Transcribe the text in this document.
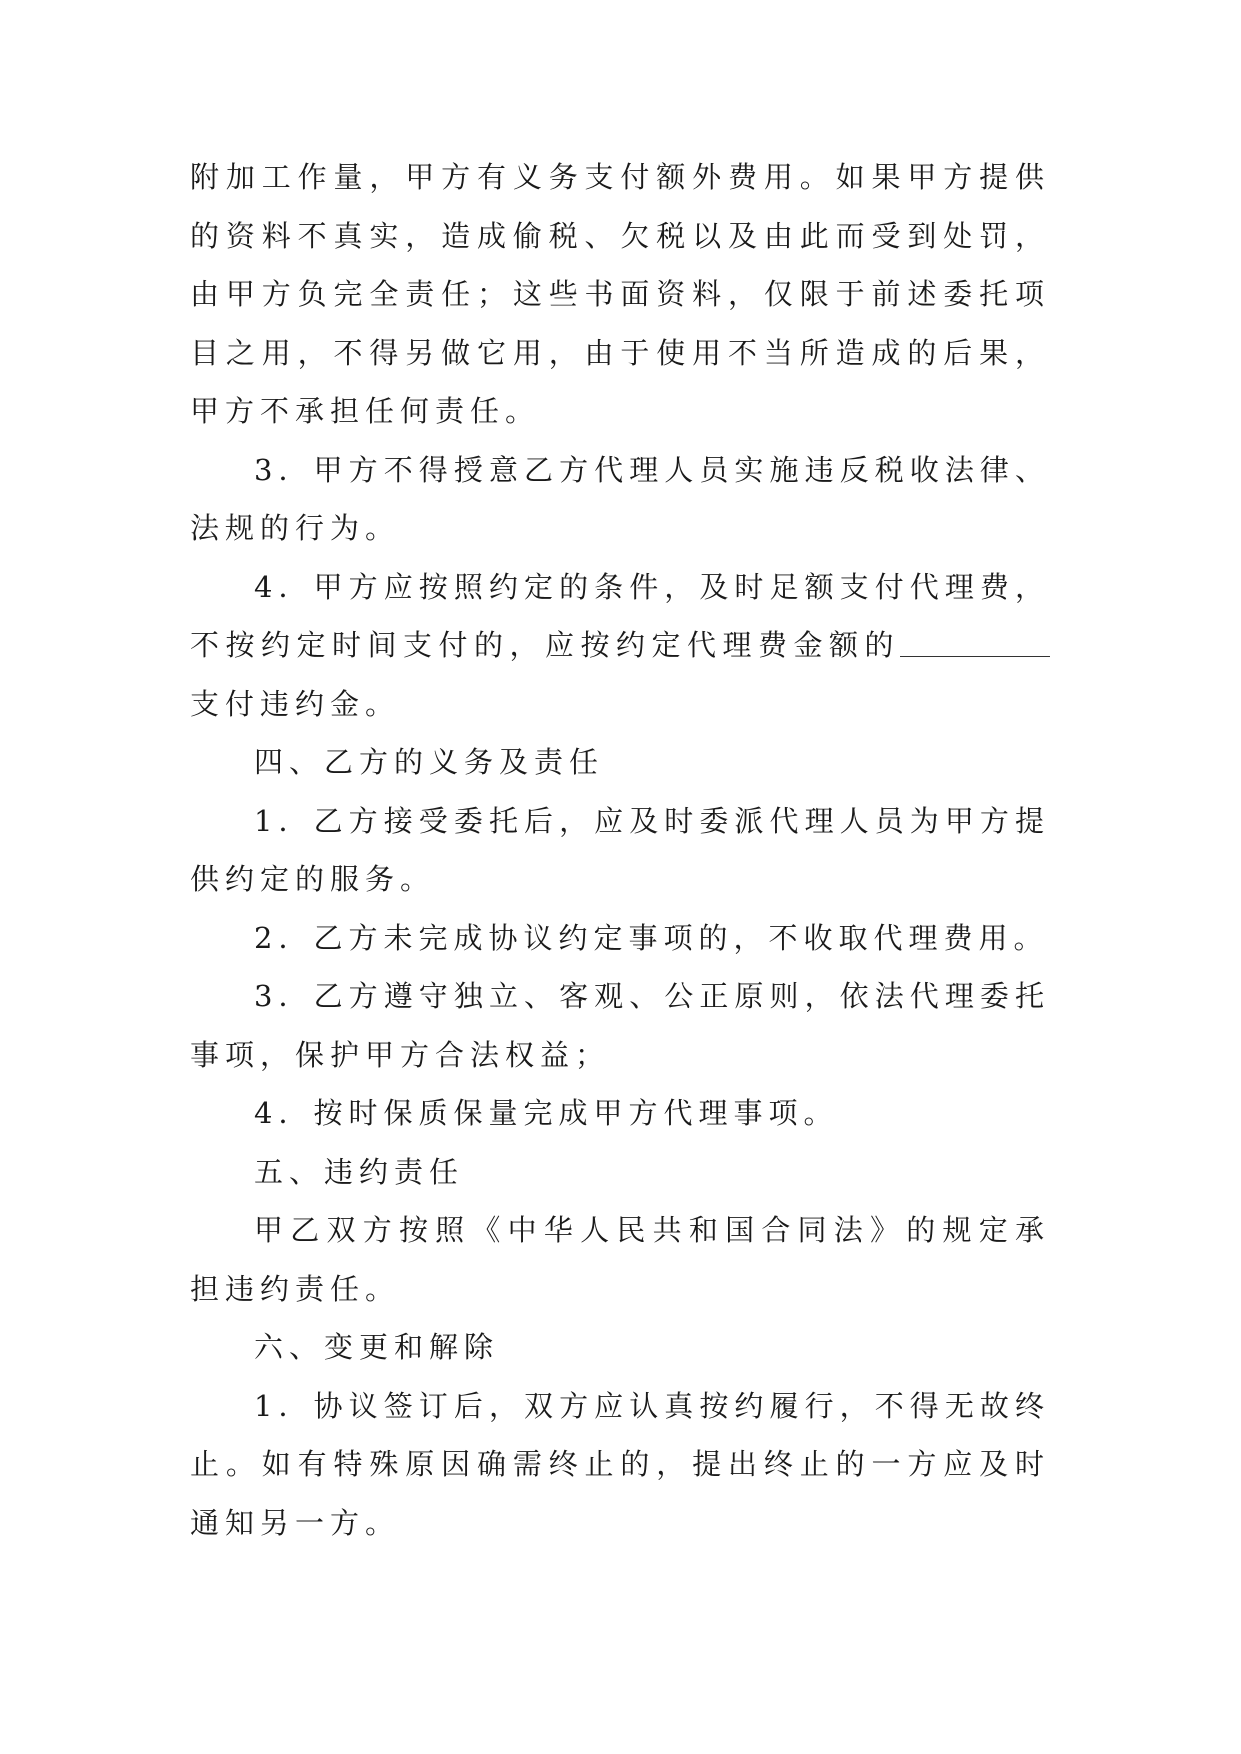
附加工作量，甲方有义务支付额外费用。如果甲方提供的资料不真实，造成偷税、欠税以及由此而受到处罚，由甲方负完全责任；这些书面资料，仅限于前述委托项目之用，不得另做它用，由于使用不当所造成的后果，甲方不承担任何责任。

3．甲方不得授意乙方代理人员实施违反税收法律、法规的行为。

4．甲方应按照约定的条件，及时足额支付代理费，不按约定时间支付的，应按约定代理费金额的支付违约金。

四、乙方的义务及责任

1．乙方接受委托后，应及时委派代理人员为甲方提供约定的服务。

2．乙方未完成协议约定事项的，不收取代理费用。

3．乙方遵守独立、客观、公正原则，依法代理委托事项，保护甲方合法权益；

4．按时保质保量完成甲方代理事项。

五、违约责任

甲乙双方按照《中华人民共和国合同法》的规定承担违约责任。

六、变更和解除

1．协议签订后，双方应认真按约履行，不得无故终止。如有特殊原因确需终止的，提出终止的一方应及时通知另一方。
